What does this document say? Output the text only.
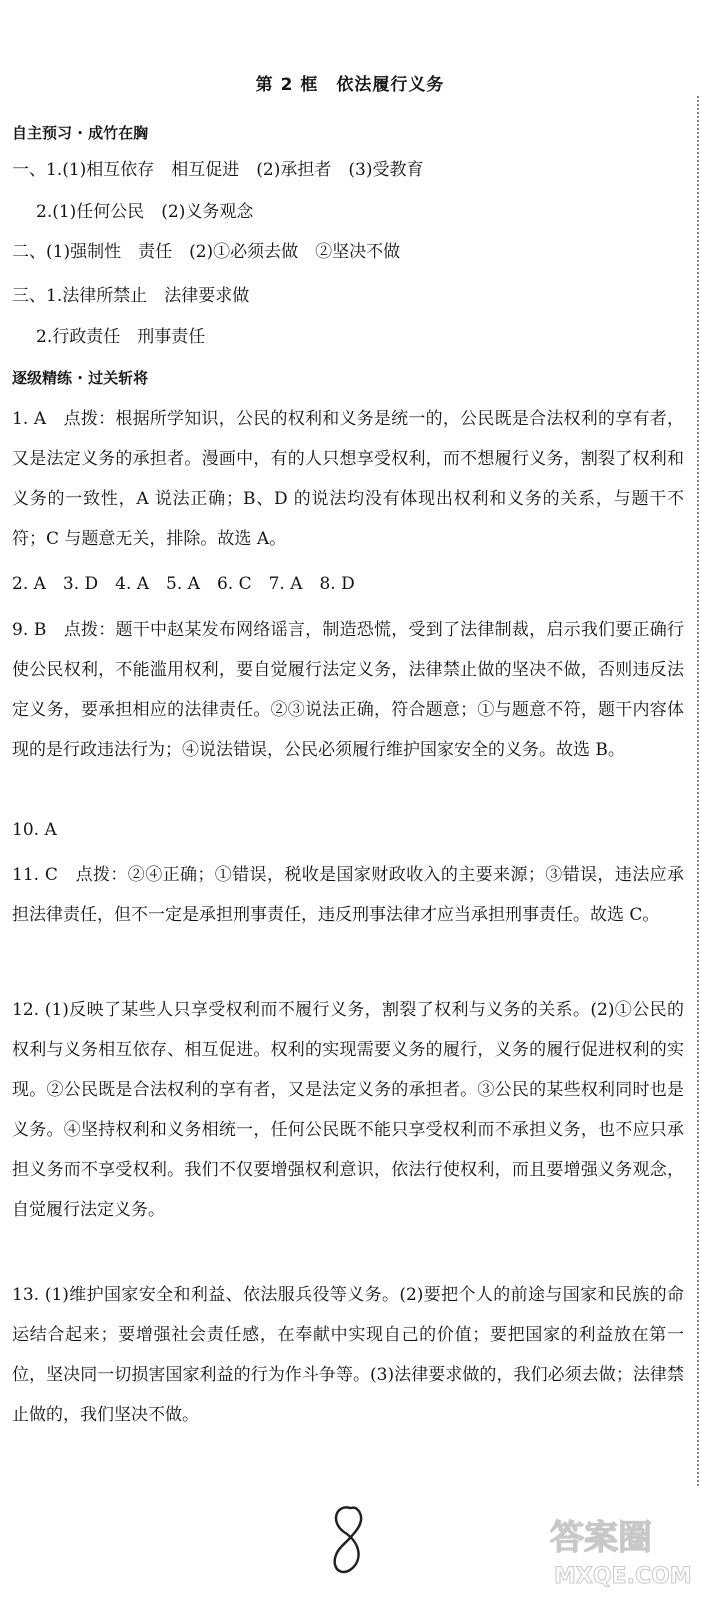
第 2 框　依法履行义务
自主预习 · 成竹在胸
一、1.(1)相互依存　相互促进　(2)承担者　(3)受教育
2.(1)任何公民　(2)义务观念
二、(1)强制性　责任　(2)①必须去做　②坚决不做
三、1.法律所禁止　法律要求做
2.行政责任　刑事责任
逐级精练 · 过关斩将
1. A　点拨：根据所学知识，公民的权利和义务是统一的，公民既是合法权利的享有者，又是法定义务的承担者。漫画中，有的人只想享受权利，而不想履行义务，割裂了权利和义务的一致性，A 说法正确；B、D 的说法均没有体现出权利和义务的关系，与题干不符；C 与题意无关，排除。故选 A。
2. A　3. D　4. A　5. A　6. C　7. A　8. D
9. B　点拨：题干中赵某发布网络谣言，制造恐慌，受到了法律制裁，启示我们要正确行使公民权利，不能滥用权利，要自觉履行法定义务，法律禁止做的坚决不做，否则违反法定义务，要承担相应的法律责任。②③说法正确，符合题意；①与题意不符，题干内容体现的是行政违法行为；④说法错误，公民必须履行维护国家安全的义务。故选 B。
10. A
11. C　点拨：②④正确；①错误，税收是国家财政收入的主要来源；③错误，违法应承担法律责任，但不一定是承担刑事责任，违反刑事法律才应当承担刑事责任。故选 C。
12. (1)反映了某些人只享受权利而不履行义务，割裂了权利与义务的关系。(2)①公民的权利与义务相互依存、相互促进。权利的实现需要义务的履行，义务的履行促进权利的实现。②公民既是合法权利的享有者，又是法定义务的承担者。③公民的某些权利同时也是义务。④坚持权利和义务相统一，任何公民既不能只享受权利而不承担义务，也不应只承担义务而不享受权利。我们不仅要增强权利意识，依法行使权利，而且要增强义务观念，自觉履行法定义务。
13. (1)维护国家安全和利益、依法服兵役等义务。(2)要把个人的前途与国家和民族的命运结合起来；要增强社会责任感，在奉献中实现自己的价值；要把国家的利益放在第一位，坚决同一切损害国家利益的行为作斗争等。(3)法律要求做的，我们必须去做；法律禁止做的，我们坚决不做。
答案圈
MXQE.COM
